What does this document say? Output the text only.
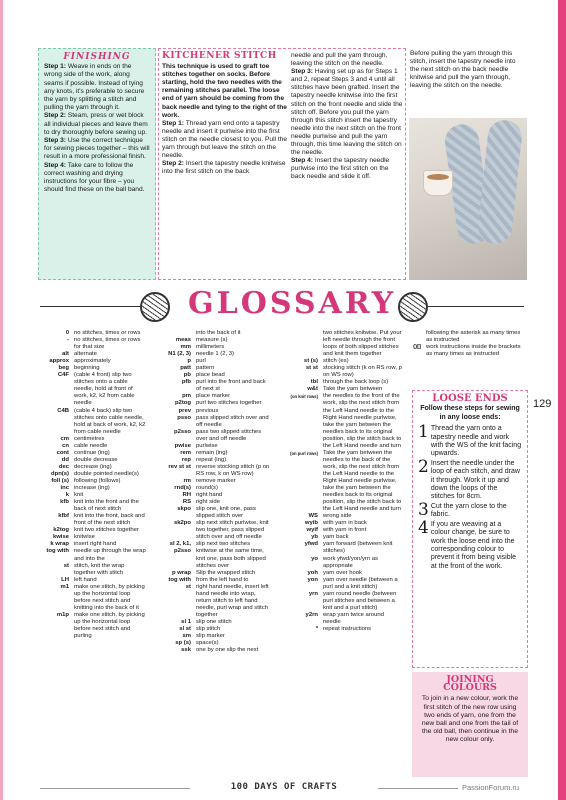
FINISHING

Step 1: Weave in ends on the wrong side of the work, along seams if possible. Instead of tying any knots, it’s preferable to secure the yarn by splitting a stitch and pulling the yarn through it.

Step 2: Steam, press or wet block all individual pieces and leave them to dry thoroughly before sewing up.

Step 3: Use the correct technique for sewing pieces together – this will result in a more professional finish.

Step 4: Take care to follow the correct washing and drying instructions for your fibre – you should find these on the ball band.

KITCHENER STITCH

This technique is used to graft toe stitches together on socks. Before starting, hold the two needles with the remaining stitches parallel. The loose end of yarn should be coming from the back needle and tying to the right of the work.

Step 1: Thread yarn end onto a tapestry needle and insert it purlwise into the first stitch on the needle closest to you. Pull the yarn through but leave the stitch on the needle.

Step 2: Insert the tapestry needle knitwise into the first stitch on the back

needle and pull the yarn through, leaving the stitch on the needle.

Step 3: Having set up as for Steps 1 and 2, repeat Steps 3 and 4 until all stitches have been grafted. Insert the tapestry needle knitwise into the first stitch on the front needle and slide the stitch off. Before you pull the yarn through this stitch insert the tapestry needle into the next stitch on the front needle purlwise and pull the yarn through, this time leaving the stitch on the needle.

Step 4: Insert the tapestry needle purlwise into the first stitch on the back needle and slide it off.

Before pulling the yarn through this stitch, insert the tapestry needle into the next stitch on the back needle knitwise and pull the yarn through, leaving the stitch on the needle.

GLOSSARY
0 no stitches, times or rows
- no stitches, times or rows for that size
alt alternate
approx approximately
beg beginning
C4F (cable 4 front) slip two stitches onto a cable needle, hold at front of work, k2, k2 from cable needle
C4B (cable 4 back) slip two stitches onto cable needle, hold at back of work, k2, k2 from cable needle
cm centimetres
cn cable needle
cont continue (ing)
dd double decrease
dec decrease (ing)
dpn(s) double pointed needle(s)
foll (s) following (follows)
inc increase (ing)
k knit
kfb knit into the front and the back of next stitch
kfbf knit into the front, back and front of the next stitch
k2tog knit two stitches together
kwise knitwise
k wrap insert right hand
tog with needle up through the wrap and into the
st stitch, knit the wrap together with stitch
LH left hand
m1 make one stitch, by picking up the horizontal loop before next stitch and knitting into the back of it
m1p make one stitch, by picking up the horizontal loop before next stitch and purling
into the back of it
meas measure (s)
mm millimeters
N1 (2, 3) needle 1 (2, 3)
p purl
patt pattern
pb place bead
pfb purl into the front and back of next st
pm place marker
p2tog purl two stitches together
prev previous
psso pass slipped stitch over and off needle
p2sso pass two slipped stitches over and off needle
pwise purlwise
rem remain (ing)
rep repeat (ing)
rev st st reverse stocking stitch (p on RS row, k on WS row)
rm remove marker
rnd(s) round(s)
RH right hand
RS right side
skpo slip one, knit one, pass slipped stitch over
sk2po slip next stitch purlwise, knit two together, pass slipped stitch over and off needle
sl 2, k1, slip next two stitches
p2sso knitwise at the same time, knit one, pass both slipped stitches over
p wrap Slip the wrapped stitch
tog with from the left hand to
st right hand needle, insert left hand needle into wrap, return stitch to left hand needle, purl wrap and stitch together
sl 1 slip one stitch
sl st slip stitch
sm slip marker
sp (s) space(s)
ssk one by one slip the next
two stitches knitwise. Put your left needle through the front loops of both slipped stitches and knit them together
st (s) stitch (es)
st st stocking stitch (k on RS row, p on WS row)
tbl through the back loop (s)
w&t Take the yarn between
(on knit rows) the needles to the front of the work, slip the next stitch from the Left Hand needle to the Right Hand needle purlwise, take the yarn between the needles back to its original position, slip the stitch back to the Left Hand needle and turn
(on purl rows) Take the yarn between the needles to the back of the work, slip the next stitch from the Left Hand needle to the Right Hand needle purlwise, take the yarn between the needles back to its original position, slip the stitch back to the Left Hand needle and turn
WS wrong side
wyib with yarn in back
wyif with yarn in front
yb yarn back
yfwd yarn forward (between knit stitches)
yo work yfwd/yon/yrn as appropriate
yoh yarn over hook
yon yarn over needle (between a purl and a knit stitch)
yrn yarn round needle (between purl stitches and between a knit and a purl stitch)
y2rn wrap yarn twice around needle
* repeat instructions
following the asterisk as many times as instructed
()[] work instructions inside the brackets as many times as instructed
129
LOOSE ENDS
Follow these steps for sewing in any loose ends:
1 Thread the yarn onto a tapestry needle and work with the WS of the knit facing upwards.
2 Insert the needle under the loop of each stitch, and draw it through. Work it up and down the loops of the stitches for 8cm.
3 Cut the yarn close to the fabric.
4 If you are weaving at a colour change, be sure to work the loose end into the corresponding colour to prevent it from being visible at the front of the work.
JOINING COLOURS
To join in a new colour, work the first stitch of the new row using two ends of yarn, one from the new ball and one from the tail of the old ball, then continue in the new colour only.
100 DAYS OF CRAFTS	PassionForum.ru
